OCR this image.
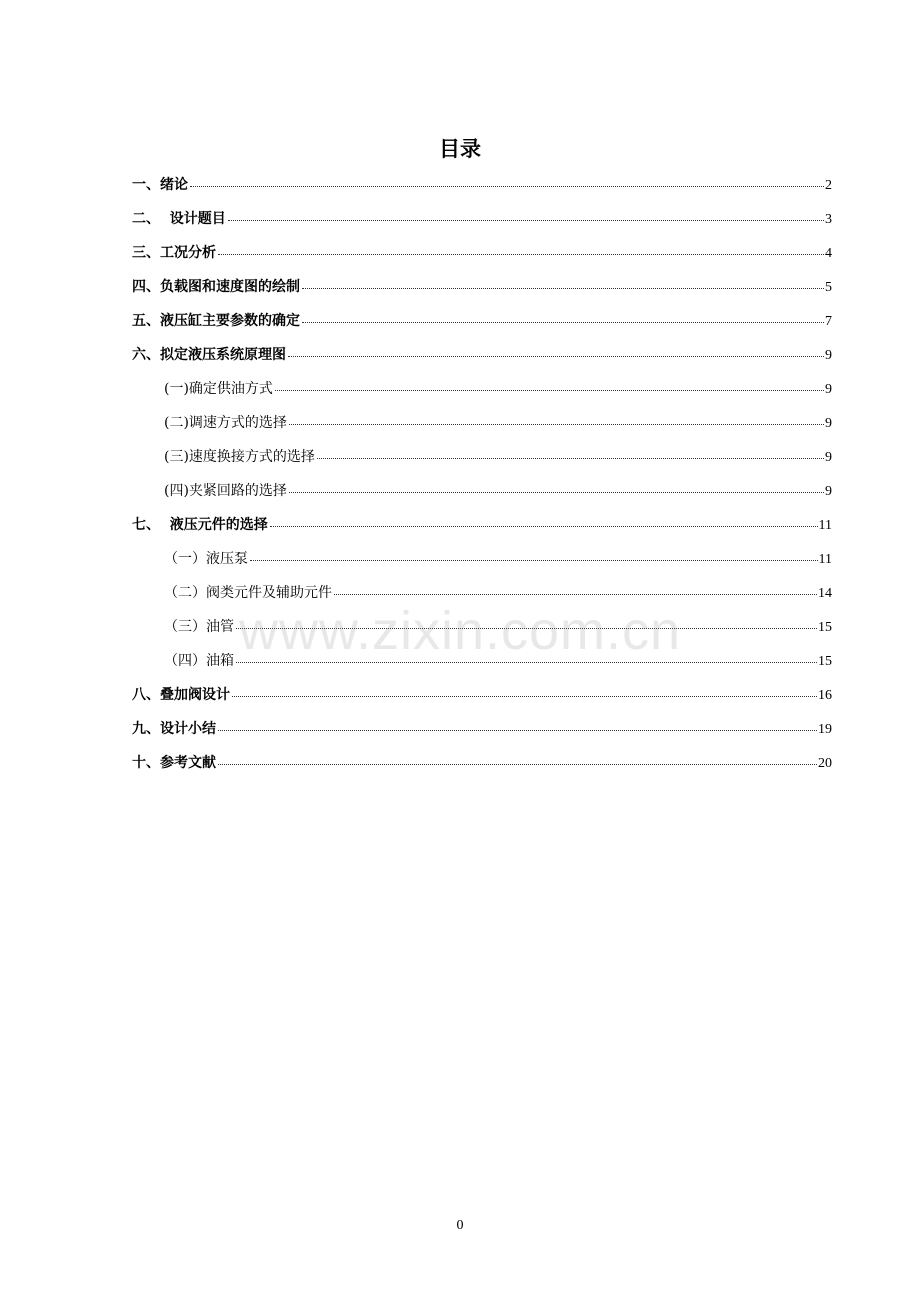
目录
一、绪论	2
二、  设计题目	3
三、工况分析	4
四、负载图和速度图的绘制	5
五、液压缸主要参数的确定	7
六、拟定液压系统原理图	9
(一)确定供油方式	9
(二)调速方式的选择	9
(三)速度换接方式的选择	9
(四)夹紧回路的选择	9
七、  液压元件的选择	11
（一）液压泵	11
（二）阀类元件及辅助元件	14
（三）油管	15
（四）油箱	15
八、叠加阀设计	16
九、设计小结	19
十、参考文献	20
www.zixin.com.cn
0
